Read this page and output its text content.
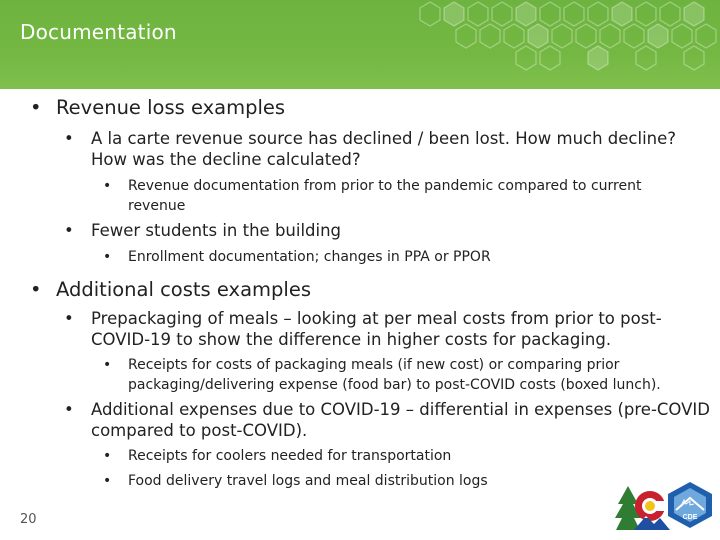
Documentation
• Revenue loss examples
• A la carte revenue source has declined / been lost. How much decline?
How was the decline calculated?
• Revenue documentation from prior to the pandemic compared to current
revenue
• Fewer students in the building
• Enrollment documentation; changes in PPA or PPOR
• Additional costs examples
• Prepackaging of meals – looking at per meal costs from prior to post-
COVID-19 to show the difference in higher costs for packaging.
• Receipts for costs of packaging meals (if new cost) or comparing prior
packaging/delivering expense (food bar) to post-COVID costs (boxed lunch).
• Additional expenses due to COVID-19 – differential in expenses (pre-COVID
compared to post-COVID).
• Receipts for coolers needed for transportation
• Food delivery travel logs and meal distribution logs
20	CDE
